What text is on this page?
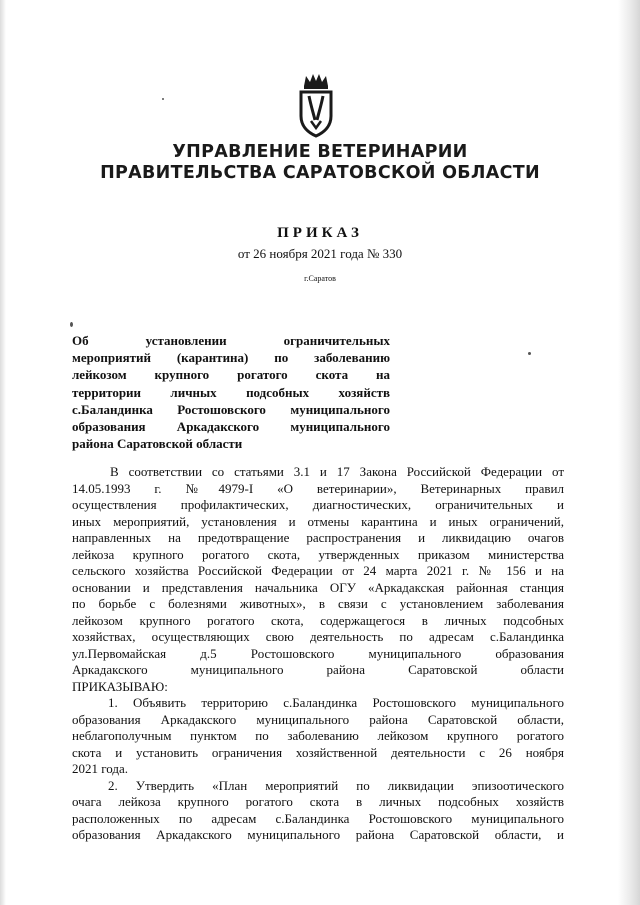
УПРАВЛЕНИЕ ВЕТЕРИНАРИИ
ПРАВИТЕЛЬСТВА САРАТОВСКОЙ ОБЛАСТИ
ПРИКАЗ
от 26 ноября 2021 года № 330
г.Саратов
Об установлении ограничительных
мероприятий (карантина) по заболеванию
лейкозом крупного рогатого скота на
территории личных подсобных хозяйств
с.Баландинка Ростошовского муниципального
образования Аркадакского муниципального
района Саратовской области
В соответствии со статьями 3.1 и 17 Закона Российской Федерации от
14.05.1993 г. №4979-I «О ветеринарии», Ветеринарных правил
осуществления профилактических, диагностических, ограничительных и
иных мероприятий, установления и отмены карантина и иных ограничений,
направленных на предотвращение распространения и ликвидацию очагов
лейкоза крупного рогатого скота, утвержденных приказом министерства
сельского хозяйства Российской Федерации от 24 марта 2021 г. № 156 и на
основании и представления начальника ОГУ «Аркадакская районная станция
по борьбе с болезнями животных», в связи с установлением заболевания
лейкозом крупного рогатого скота, содержащегося в личных подсобных
хозяйствах, осуществляющих свою деятельность по адресам с.Баландинка
ул.Первомайская д.5 Ростошовского муниципального образования
Аркадакского муниципального района Саратовской области
ПРИКАЗЫВАЮ:
1. Объявить территорию с.Баландинка Ростошовского муниципального
образования Аркадакского муниципального района Саратовской области,
неблагополучным пунктом по заболеванию лейкозом крупного рогатого
скота и установить ограничения хозяйственной деятельности с 26 ноября
2021 года.
2. Утвердить «План мероприятий по ликвидации эпизоотического
очага лейкоза крупного рогатого скота в личных подсобных хозяйств
расположенных по адресам с.Баландинка Ростошовского муниципального
образования Аркадакского муниципального района Саратовской области, и
